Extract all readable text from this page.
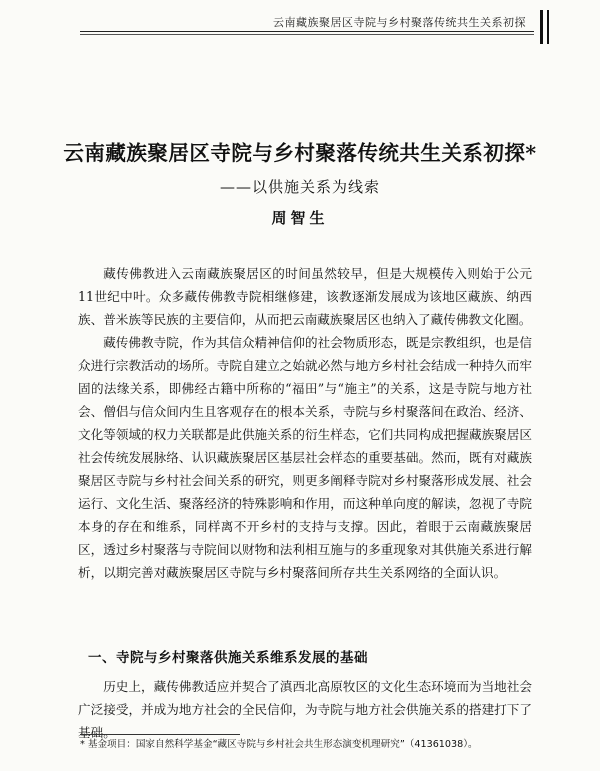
云南藏族聚居区寺院与乡村聚落传统共生关系初探
云南藏族聚居区寺院与乡村聚落传统共生关系初探*
——以供施关系为线索
周智生

藏传佛教进入云南藏族聚居区的时间虽然较早，但是大规模传入则始于公元11世纪中叶。众多藏传佛教寺院相继修建，该教逐渐发展成为该地区藏族、纳西族、普米族等民族的主要信仰，从而把云南藏族聚居区也纳入了藏传佛教文化圈。

藏传佛教寺院，作为其信众精神信仰的社会物质形态，既是宗教组织，也是信众进行宗教活动的场所。寺院自建立之始就必然与地方乡村社会结成一种持久而牢固的法缘关系，即佛经古籍中所称的“福田”与“施主”的关系，这是寺院与地方社会、僧侣与信众间内生且客观存在的根本关系，寺院与乡村聚落间在政治、经济、文化等领域的权力关联都是此供施关系的衍生样态，它们共同构成把握藏族聚居区社会传统发展脉络、认识藏族聚居区基层社会样态的重要基础。然而，既有对藏族聚居区寺院与乡村社会间关系的研究，则更多阐释寺院对乡村聚落形成发展、社会运行、文化生活、聚落经济的特殊影响和作用，而这种单向度的解读，忽视了寺院本身的存在和维系，同样离不开乡村的支持与支撑。因此，着眼于云南藏族聚居区，透过乡村聚落与寺院间以财物和法利相互施与的多重现象对其供施关系进行解析，以期完善对藏族聚居区寺院与乡村聚落间所存共生关系网络的全面认识。

一、寺院与乡村聚落供施关系维系发展的基础

历史上，藏传佛教适应并契合了滇西北高原牧区的文化生态环境而为当地社会广泛接受，并成为地方社会的全民信仰，为寺院与地方社会供施关系的搭建打下了基础。

* 基金项目：国家自然科学基金“藏区寺院与乡村社会共生形态演变机理研究”（41361038）。
